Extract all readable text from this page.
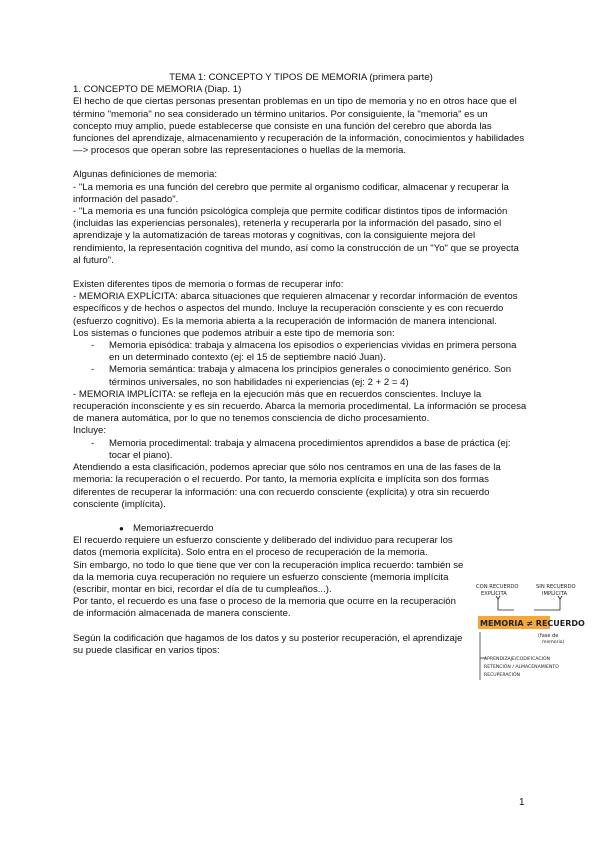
TEMA 1: CONCEPTO Y TIPOS DE MEMORIA (primera parte)

1. CONCEPTO DE MEMORIA (Diap. 1)

El hecho de que ciertas personas presentan problemas en un tipo de memoria y no en otros hace que el término "memoria" no sea considerado un término unitarios. Por consiguiente, la "memoria" es un concepto muy amplio, puede establecerse que consiste en una función del cerebro que aborda las funciones del aprendizaje, almacenamiento y recuperación de la información, conocimientos y habilidades —> procesos que operan sobre las representaciones o huellas de la memoria.

Algunas definiciones de memoria:

- "La memoria es una función del cerebro que permite al organismo codificar, almacenar y recuperar la información del pasado".

- "La memoria es una función psicológica compleja que permite codificar distintos tipos de información (incluidas las experiencias personales), retenerla y recuperarla por la información del pasado, sino el aprendizaje y la automatización de tareas motoras y cognitivas, con la consiguiente mejora del rendimiento, la representación cognitiva del mundo, así como la construcción de un "Yo" que se proyecta al futuro".

Existen diferentes tipos de memoria o formas de recuperar info:

- MEMORIA EXPLÍCITA: abarca situaciones que requieren almacenar y recordar información de eventos específicos y de hechos o aspectos del mundo. Incluye la recuperación consciente y es con recuerdo (esfuerzo cognitivo). Es la memoria abierta a la recuperación de información de manera intencional.

Los sistemas o funciones que podemos atribuir a este tipo de memoria son:

-	Memoria episódica: trabaja y almacena los episodios o experiencias vividas en primera persona en un determinado contexto (ej: el 15 de septiembre nació Juan).
-	Memoria semántica: trabaja y almacena los principios generales o conocimiento genérico. Son términos universales, no son habilidades ni experiencias (ej: 2 + 2 = 4)

- MEMORIA IMPLÍCITA: se refleja en la ejecución más que en recuerdos conscientes. Incluye la recuperación inconsciente y es sin recuerdo. Abarca la memoria procedimental. La información se procesa de manera automática, por lo que no tenemos consciencia de dicho procesamiento.

Incluye:

-	Memoria procedimental: trabaja y almacena procedimientos aprendidos a base de práctica (ej: tocar el piano).

Atendiendo a esta clasificación, podemos apreciar que sólo nos centramos en una de las fases de la memoria: la recuperación o el recuerdo. Por tanto, la memoria explícita e implícita son dos formas diferentes de recuperar la información: una con recuerdo consciente (explícita) y otra sin recuerdo consciente (implícita).

● Memoria≠recuerdo

El recuerdo requiere un esfuerzo consciente y deliberado del individuo para recuperar los datos (memoria explícita). Solo entra en el proceso de recuperación de la memoria.

Sin embargo, no todo lo que tiene que ver con la recuperación implica recuerdo: también se da la memoria cuya recuperación no requiere un esfuerzo consciente (memoria implícita (escribir, montar en bici, recordar el día de tu cumpleaños...).

Por tanto, el recuerdo es una fase o proceso de la memoria que ocurre en la recuperación de información almacenada de manera consciente.

Según la codificación que hagamos de los datos y su posterior recuperación, el aprendizaje su puede clasificar en varios tipos:

CON RECUERDO
EXPLÍCITA
SIN RECUERDO
IMPLÍCITA
MEMORIA ≠ RECUERDO
(fase de
memoria)
APRENDIZAJE/CODIFICACIÓN
RETENCIÓN / ALMACENAMIENTO
RECUPERACIÓN
1
